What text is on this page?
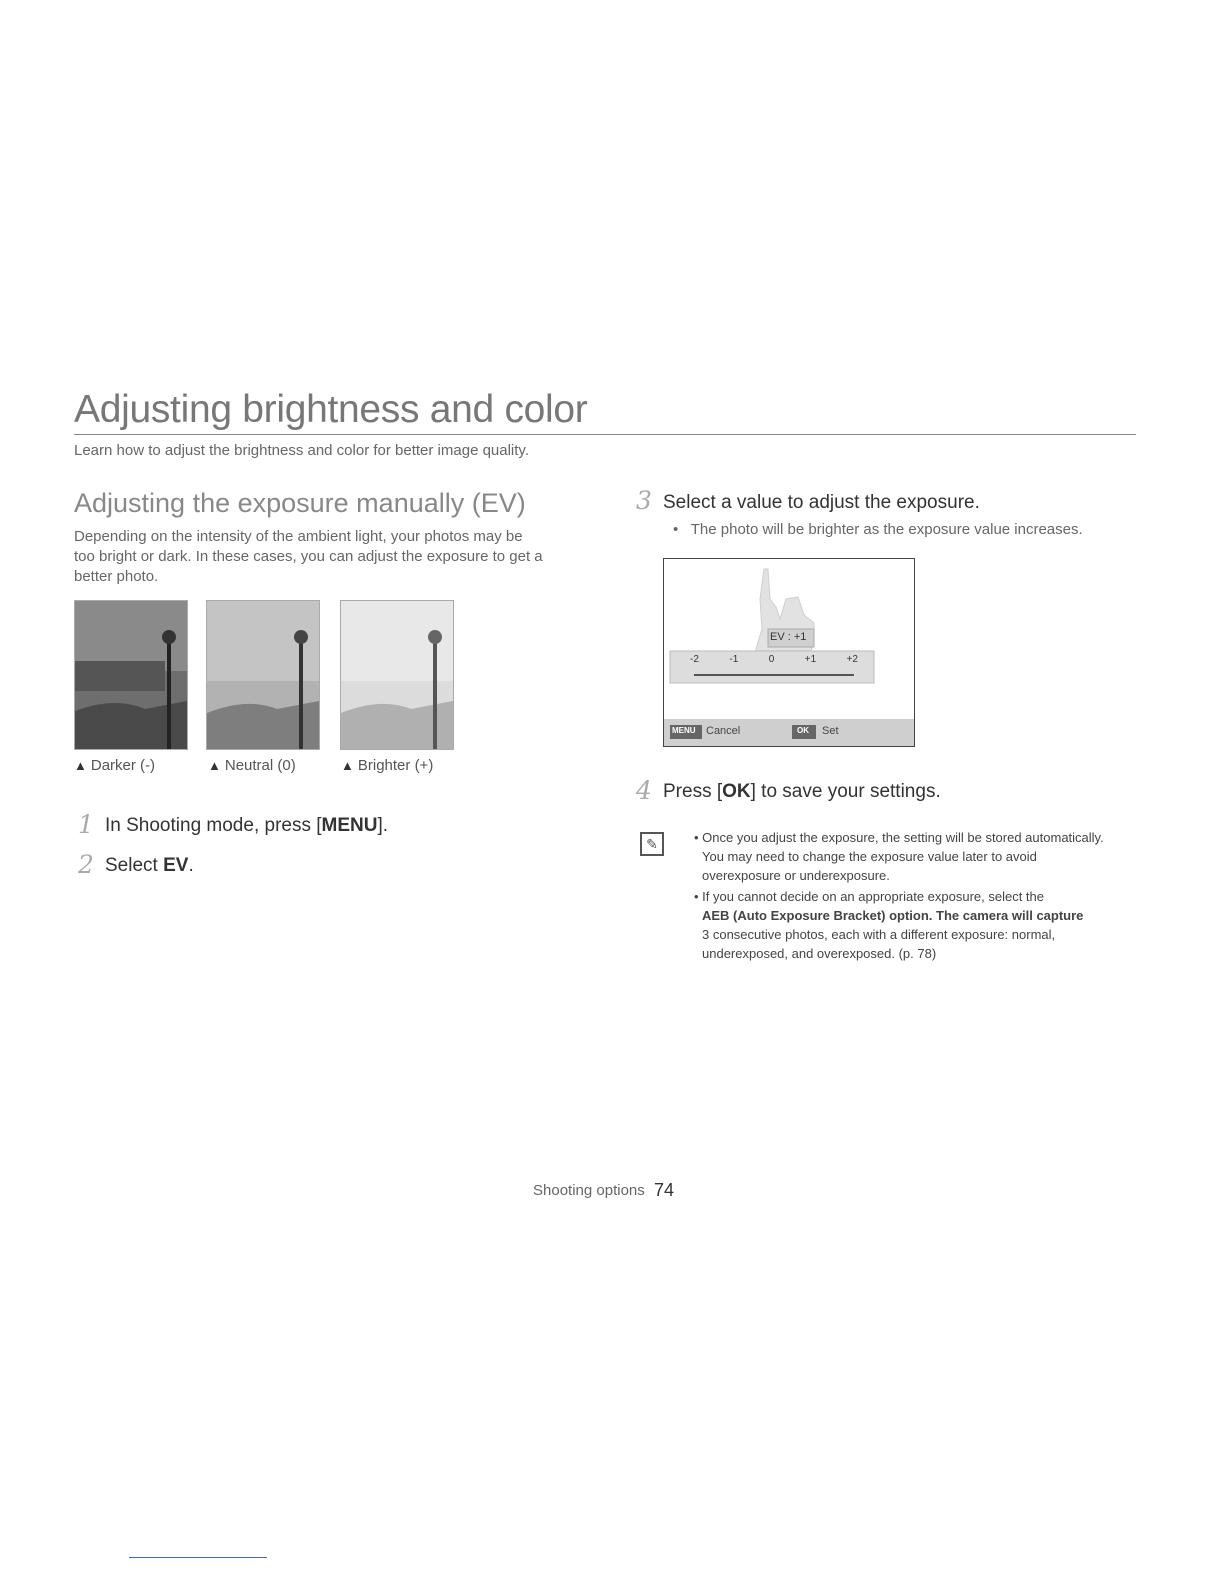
Adjusting brightness and color
Learn how to adjust the brightness and color for better image quality.
Adjusting the exposure manually (EV)
Depending on the intensity of the ambient light, your photos may be too bright or dark. In these cases, you can adjust the exposure to get a better photo.
▲ Darker (-)	▲ Neutral (0)	▲ Brighter (+)
1 In Shooting mode, press [MENU].
2 Select EV.
3 Select a value to adjust the exposure.
•   The photo will be brighter as the exposure value increases.
EV : +1
-2	-1	0	+1	+2
MENU Cancel	OK Set
4 Press [OK] to save your settings.
✎	• Once you adjust the exposure, the setting will be stored automatically.
You may need to change the exposure value later to avoid
overexposure or underexposure.
• If you cannot decide on an appropriate exposure, select the
AEB (Auto Exposure Bracket) option. The camera will capture
3 consecutive photos, each with a different exposure: normal,
underexposed, and overexposed. (p. 78)
Shooting options 74
